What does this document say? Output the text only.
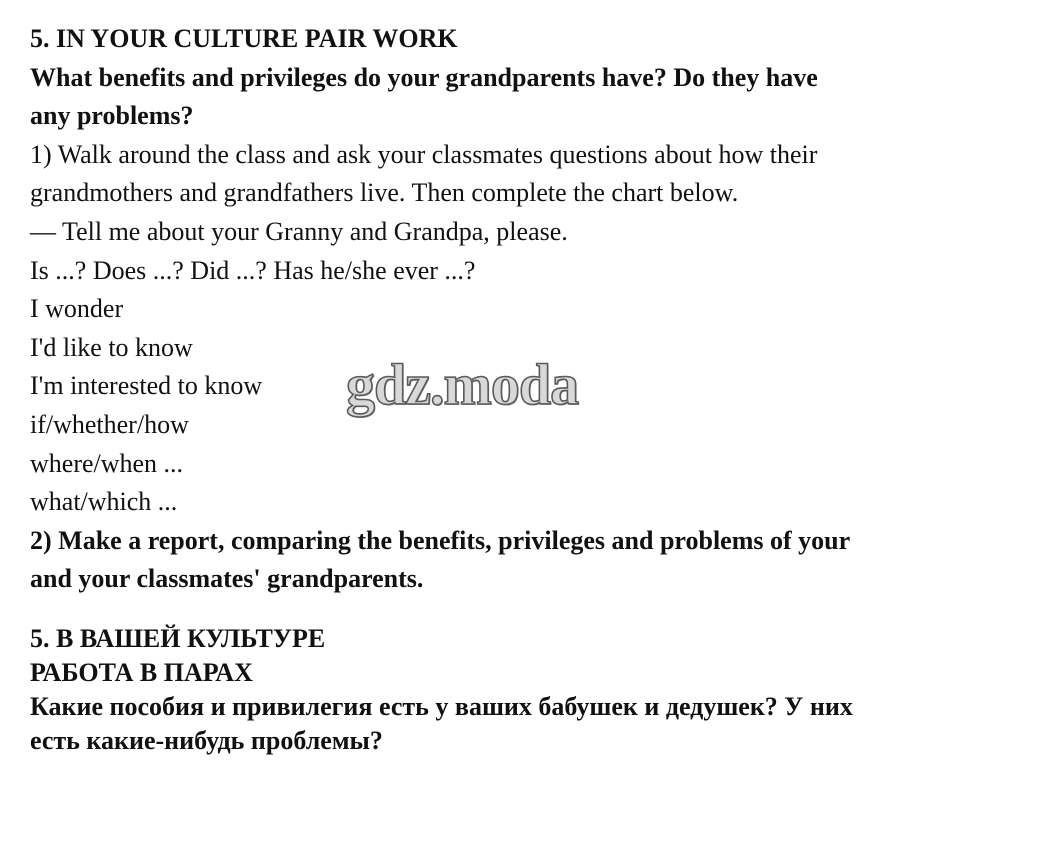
5. IN YOUR CULTURE PAIR WORK
What benefits and privileges do your grandparents have? Do they have
any problems?
1) Walk around the class and ask your classmates questions about how their
grandmothers and grandfathers live. Then complete the chart below.
— Tell me about your Granny and Grandpa, please.
Is ...? Does ...? Did ...? Has he/she ever ...?
I wonder
I'd like to know
I'm interested to know
if/whether/how
where/when ...
what/which ...
2) Make a report, comparing the benefits, privileges and problems of your
and your classmates' grandparents.
5. В ВАШЕЙ КУЛЬТУРЕ
РАБОТА В ПАРАХ
Какие пособия и привилегия есть у ваших бабушек и дедушек? У них
есть какие-нибудь проблемы?
gdz.moda
